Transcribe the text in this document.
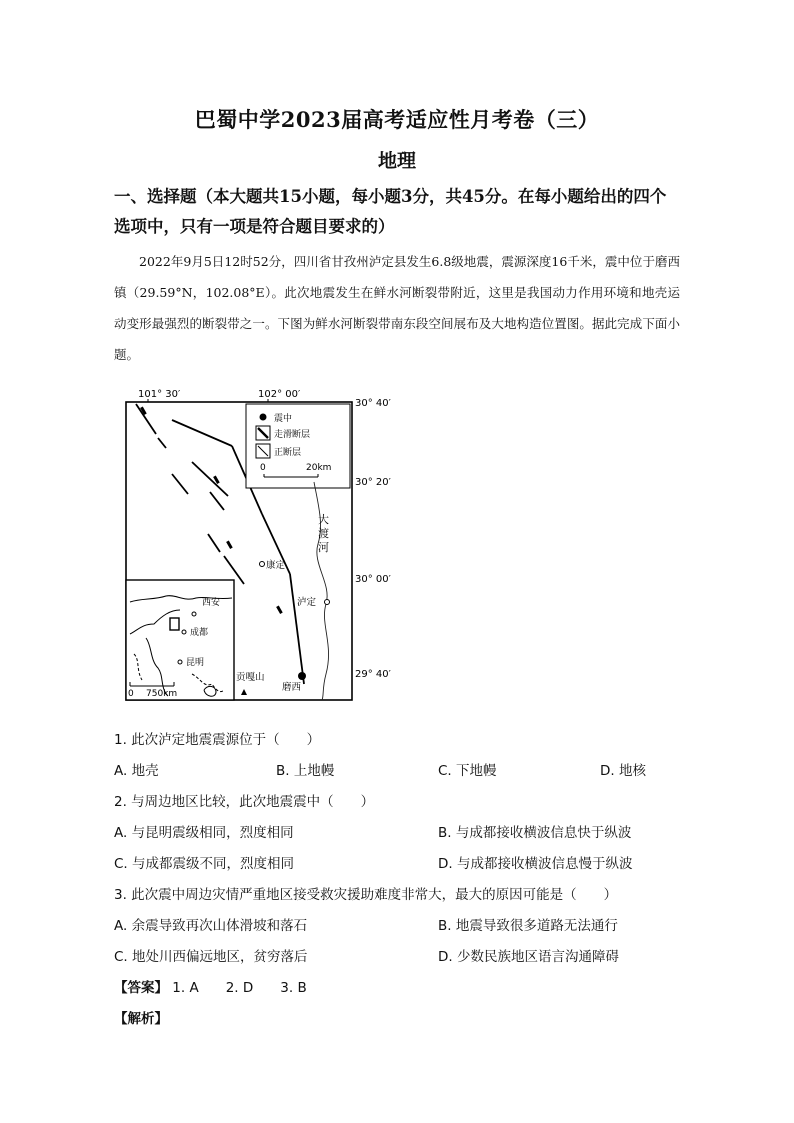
巴蜀中学2023届高考适应性月考卷（三）
地理
一、选择题（本大题共15小题，每小题3分，共45分。在每小题给出的四个选项中，只有一项是符合题目要求的）

2022年9月5日12时52分，四川省甘孜州泸定县发生6.8级地震，震源深度16千米，震中位于磨西镇（29.59°N，102.08°E）。此次地震发生在鲜水河断裂带附近，这里是我国动力作用环境和地壳运动变形最强烈的断裂带之一。下图为鲜水河断裂带南东段空间展布及大地构造位置图。据此完成下面小题。

101° 30′	102° 00′
30° 40′
30° 20′
30° 00′
29° 40′
震中
走滑断层
正断层
0	20km
大 渡河
康定
泸定
磨西
贡嘎山
西安
成都
昆明
0 750km
1. 此次泸定地震震源位于（　　）
A. 地壳	B. 上地幔	C. 下地幔	D. 地核
2. 与周边地区比较，此次地震震中（　　）
A. 与昆明震级相同，烈度相同	B. 与成都接收横波信息快于纵波
C. 与成都震级不同，烈度相同	D. 与成都接收横波信息慢于纵波
3. 此次震中周边灾情严重地区接受救灾援助难度非常大，最大的原因可能是（　　）
A. 余震导致再次山体滑坡和落石	B. 地震导致很多道路无法通行
C. 地处川西偏远地区，贫穷落后	D. 少数民族地区语言沟通障碍
【答案】 1. A　　2. D　　3. B
【解析】
